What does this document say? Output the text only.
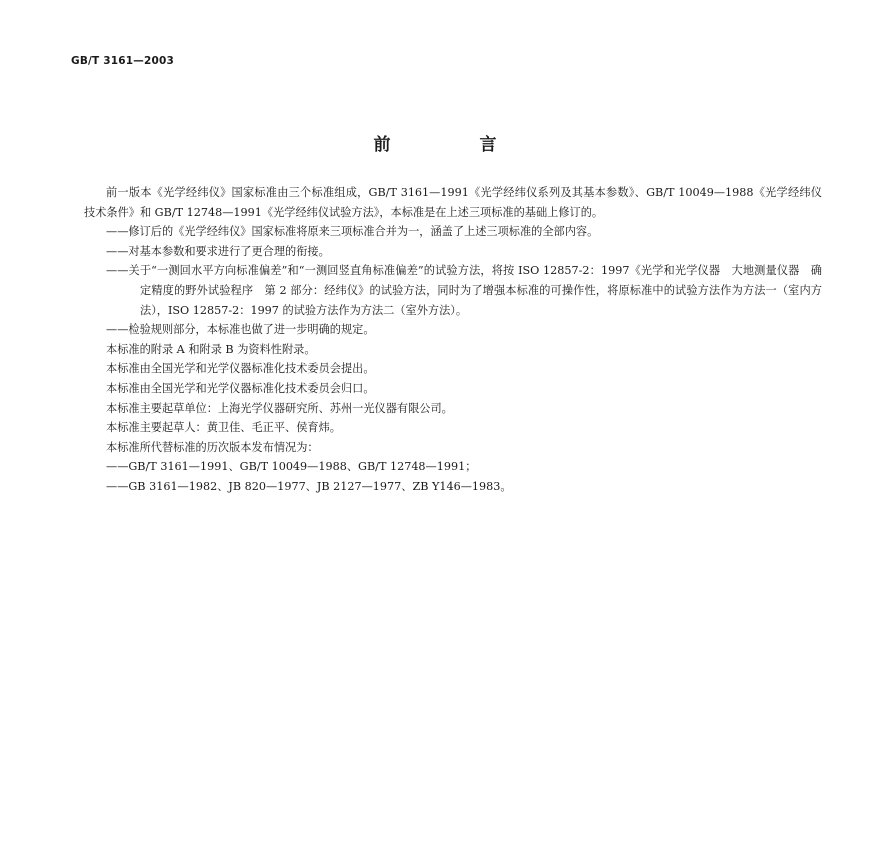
GB/T 3161—2003
前　言

前一版本《光学经纬仪》国家标准由三个标准组成，GB/T 3161—1991《光学经纬仪系列及其基本参数》、GB/T 10049—1988《光学经纬仪　技术条件》和 GB/T 12748—1991《光学经纬仪试验方法》，本标准是在上述三项标准的基础上修订的。

——修订后的《光学经纬仪》国家标准将原来三项标准合并为一，涵盖了上述三项标准的全部内容。

——对基本参数和要求进行了更合理的衔接。

——关于“一测回水平方向标准偏差”和“一测回竖直角标准偏差”的试验方法，将按 ISO 12857-2：1997《光学和光学仪器　大地测量仪器　确定精度的野外试验程序　第 2 部分：经纬仪》的试验方法，同时为了增强本标准的可操作性，将原标准中的试验方法作为方法一（室内方法），ISO 12857-2：1997 的试验方法作为方法二（室外方法）。

——检验规则部分，本标准也做了进一步明确的规定。

本标准的附录 A 和附录 B 为资料性附录。

本标准由全国光学和光学仪器标准化技术委员会提出。

本标准由全国光学和光学仪器标准化技术委员会归口。

本标准主要起草单位：上海光学仪器研究所、苏州一光仪器有限公司。

本标准主要起草人：黄卫佳、毛正平、侯育炜。

本标准所代替标准的历次版本发布情况为：

——GB/T 3161—1991、GB/T 10049—1988、GB/T 12748—1991；

——GB 3161—1982、JB 820—1977、JB 2127—1977、ZB Y146—1983。
